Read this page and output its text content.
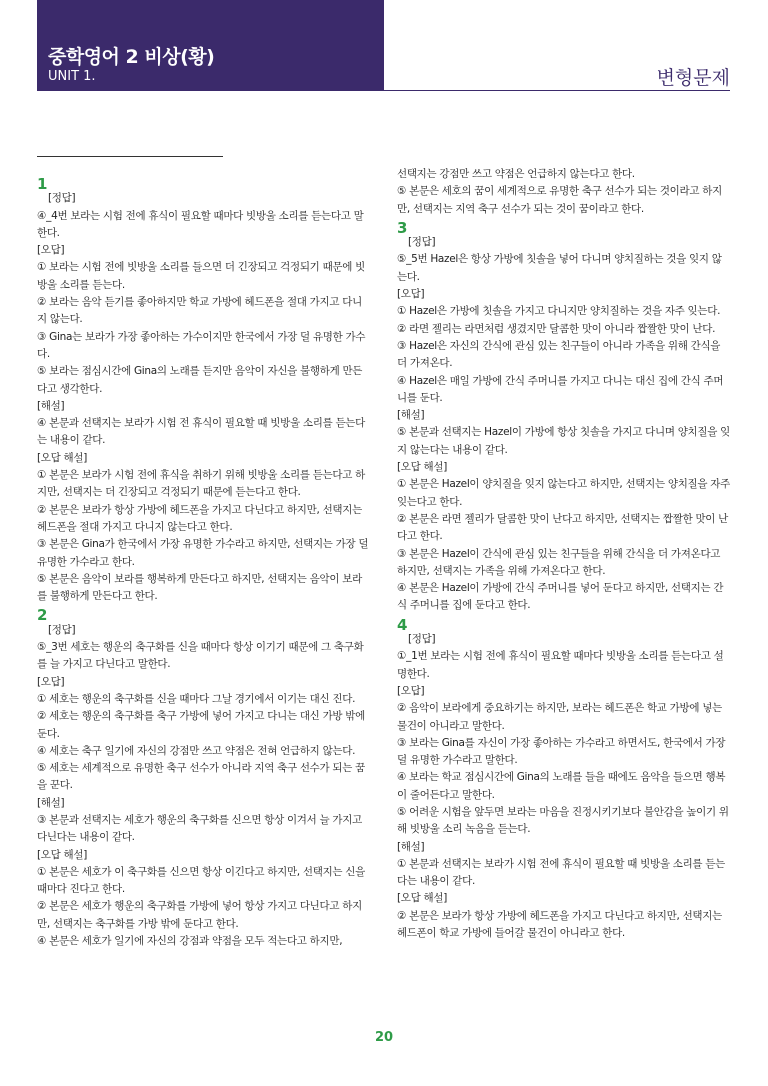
중학영어 2 비상(황)
UNIT 1.	변형문제
1
[정답]

④_4번 보라는 시험 전에 휴식이 필요할 때마다 빗방울 소리를 듣는다고 말한다.

[오답]

① 보라는 시험 전에 빗방울 소리를 들으면 더 긴장되고 걱정되기 때문에 빗방울 소리를 듣는다.

② 보라는 음악 듣기를 좋아하지만 학교 가방에 헤드폰을 절대 가지고 다니지 않는다.

③ Gina는 보라가 가장 좋아하는 가수이지만 한국에서 가장 덜 유명한 가수다.

⑤ 보라는 점심시간에 Gina의 노래를 듣지만 음악이 자신을 불행하게 만든다고 생각한다.

[해설]

④ 본문과 선택지는 보라가 시험 전 휴식이 필요할 때 빗방울 소리를 듣는다는 내용이 같다.

[오답 해설]

① 본문은 보라가 시험 전에 휴식을 취하기 위해 빗방울 소리를 듣는다고 하지만, 선택지는 더 긴장되고 걱정되기 때문에 듣는다고 한다.

② 본문은 보라가 항상 가방에 헤드폰을 가지고 다닌다고 하지만, 선택지는 헤드폰을 절대 가지고 다니지 않는다고 한다.

③ 본문은 Gina가 한국에서 가장 유명한 가수라고 하지만, 선택지는 가장 덜 유명한 가수라고 한다.

⑤ 본문은 음악이 보라를 행복하게 만든다고 하지만, 선택지는 음악이 보라를 불행하게 만든다고 한다.

2
[정답]

⑤_3번 세호는 행운의 축구화를 신을 때마다 항상 이기기 때문에 그 축구화를 늘 가지고 다닌다고 말한다.

[오답]

① 세호는 행운의 축구화를 신을 때마다 그날 경기에서 이기는 대신 진다.

② 세호는 행운의 축구화를 축구 가방에 넣어 가지고 다니는 대신 가방 밖에 둔다.

④ 세호는 축구 일기에 자신의 강점만 쓰고 약점은 전혀 언급하지 않는다.

⑤ 세호는 세계적으로 유명한 축구 선수가 아니라 지역 축구 선수가 되는 꿈을 꾼다.

[해설]

③ 본문과 선택지는 세호가 행운의 축구화를 신으면 항상 이겨서 늘 가지고 다닌다는 내용이 같다.

[오답 해설]

① 본문은 세호가 이 축구화를 신으면 항상 이긴다고 하지만, 선택지는 신을 때마다 진다고 한다.

② 본문은 세호가 행운의 축구화를 가방에 넣어 항상 가지고 다닌다고 하지만, 선택지는 축구화를 가방 밖에 둔다고 한다.

④ 본문은 세호가 일기에 자신의 강점과 약점을 모두 적는다고 하지만,

선택지는 강점만 쓰고 약점은 언급하지 않는다고 한다.

⑤ 본문은 세호의 꿈이 세계적으로 유명한 축구 선수가 되는 것이라고 하지만, 선택지는 지역 축구 선수가 되는 것이 꿈이라고 한다.

3
[정답]

⑤_5번 Hazel은 항상 가방에 칫솔을 넣어 다니며 양치질하는 것을 잊지 않는다.

[오답]

① Hazel은 가방에 칫솔을 가지고 다니지만 양치질하는 것을 자주 잊는다.

② 라면 젤리는 라면처럼 생겼지만 달콤한 맛이 아니라 짭짤한 맛이 난다.

③ Hazel은 자신의 간식에 관심 있는 친구들이 아니라 가족을 위해 간식을 더 가져온다.

④ Hazel은 매일 가방에 간식 주머니를 가지고 다니는 대신 집에 간식 주머니를 둔다.

[해설]

⑤ 본문과 선택지는 Hazel이 가방에 항상 칫솔을 가지고 다니며 양치질을 잊지 않는다는 내용이 같다.

[오답 해설]

① 본문은 Hazel이 양치질을 잊지 않는다고 하지만, 선택지는 양치질을 자주 잊는다고 한다.

② 본문은 라면 젤리가 달콤한 맛이 난다고 하지만, 선택지는 짭짤한 맛이 난다고 한다.

③ 본문은 Hazel이 간식에 관심 있는 친구들을 위해 간식을 더 가져온다고 하지만, 선택지는 가족을 위해 가져온다고 한다.

④ 본문은 Hazel이 가방에 간식 주머니를 넣어 둔다고 하지만, 선택지는 간식 주머니를 집에 둔다고 한다.

4
[정답]

①_1번 보라는 시험 전에 휴식이 필요할 때마다 빗방울 소리를 듣는다고 설명한다.

[오답]

② 음악이 보라에게 중요하기는 하지만, 보라는 헤드폰은 학교 가방에 넣는 물건이 아니라고 말한다.

③ 보라는 Gina를 자신이 가장 좋아하는 가수라고 하면서도, 한국에서 가장 덜 유명한 가수라고 말한다.

④ 보라는 학교 점심시간에 Gina의 노래를 들을 때에도 음악을 들으면 행복이 줄어든다고 말한다.

⑤ 어려운 시험을 앞두면 보라는 마음을 진정시키기보다 불안감을 높이기 위해 빗방울 소리 녹음을 듣는다.

[해설]

① 본문과 선택지는 보라가 시험 전에 휴식이 필요할 때 빗방울 소리를 듣는다는 내용이 같다.

[오답 해설]

② 본문은 보라가 항상 가방에 헤드폰을 가지고 다닌다고 하지만, 선택지는 헤드폰이 학교 가방에 들어갈 물건이 아니라고 한다.

20
